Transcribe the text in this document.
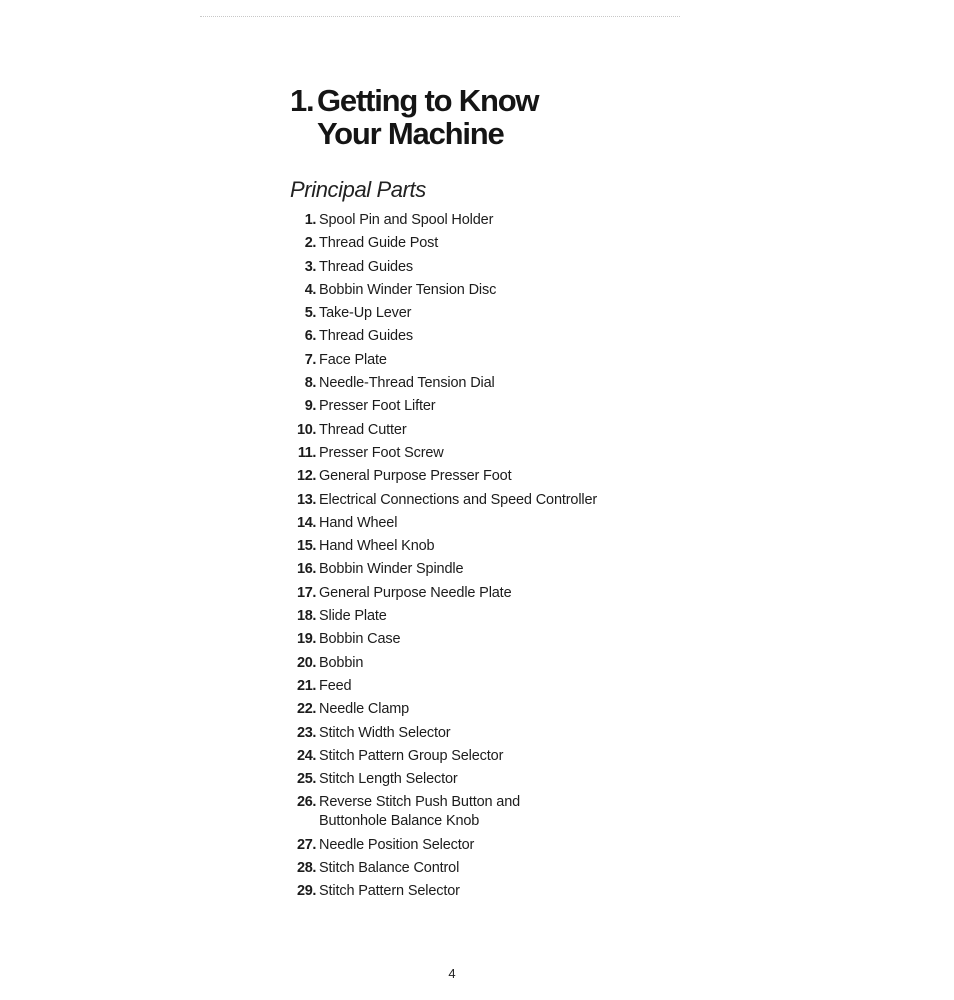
1. Getting to Know
Your Machine
Principal Parts
1. Spool Pin and Spool Holder
2. Thread Guide Post
3. Thread Guides
4. Bobbin Winder Tension Disc
5. Take-Up Lever
6. Thread Guides
7. Face Plate
8. Needle-Thread Tension Dial
9. Presser Foot Lifter
10. Thread Cutter
11. Presser Foot Screw
12. General Purpose Presser Foot
13. Electrical Connections and Speed Controller
14. Hand Wheel
15. Hand Wheel Knob
16. Bobbin Winder Spindle
17. General Purpose Needle Plate
18. Slide Plate
19. Bobbin Case
20. Bobbin
21. Feed
22. Needle Clamp
23. Stitch Width Selector
24. Stitch Pattern Group Selector
25. Stitch Length Selector
26. Reverse Stitch Push Button and
Buttonhole Balance Knob
27. Needle Position Selector
28. Stitch Balance Control
29. Stitch Pattern Selector
4
